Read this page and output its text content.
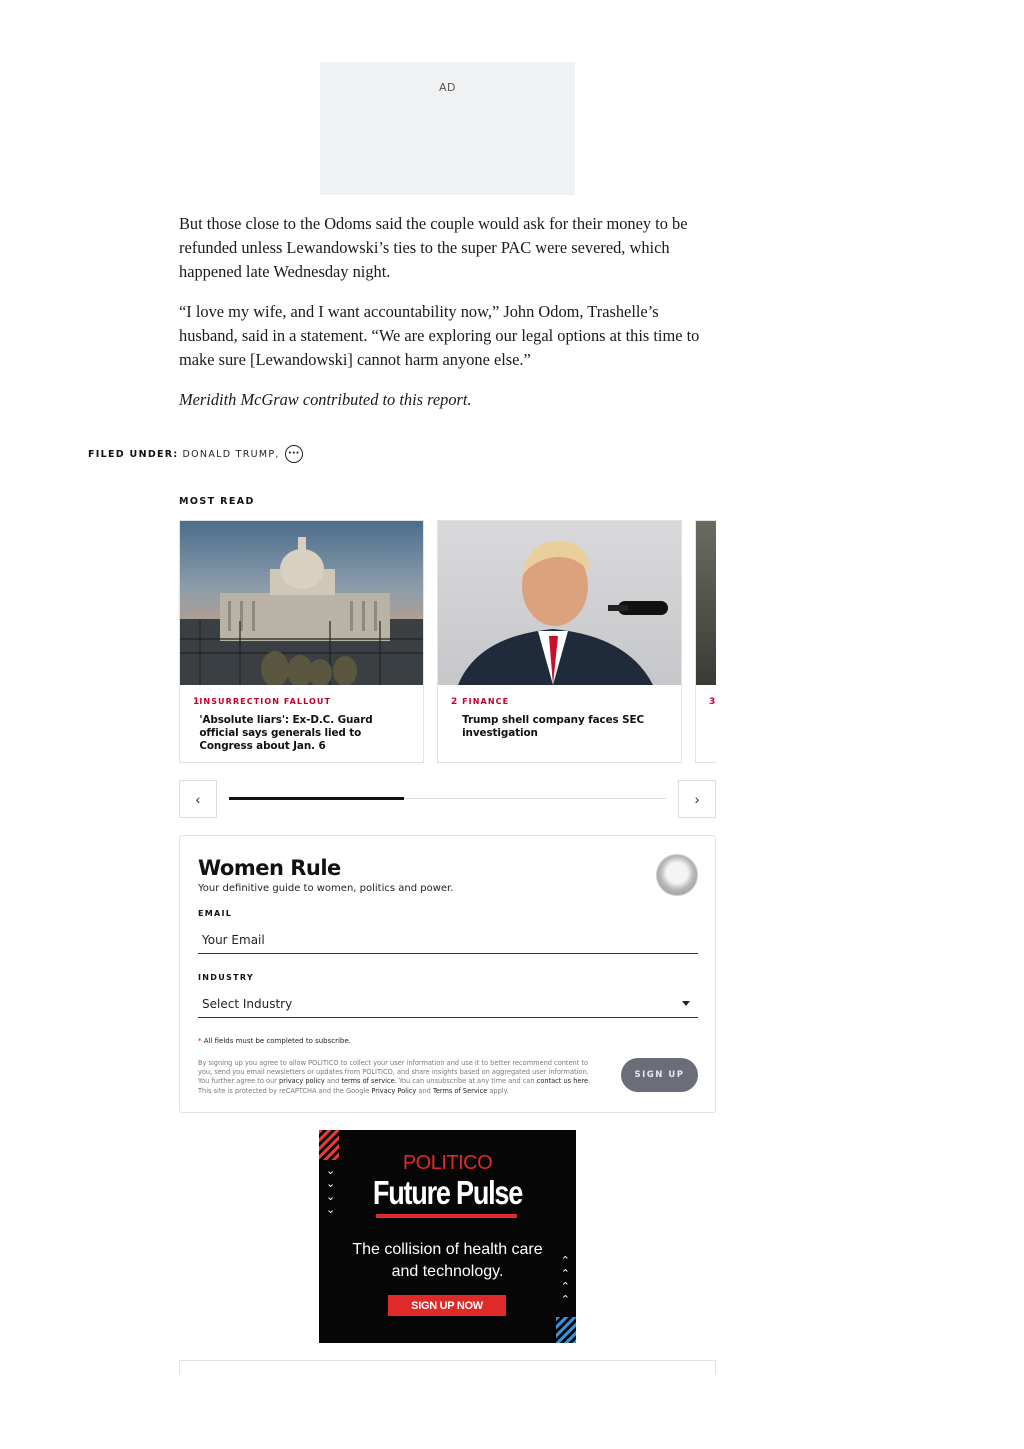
AD

But those close to the Odoms said the couple would ask for their money to be refunded unless Lewandowski’s ties to the super PAC were severed, which happened late Wednesday night.

“I love my wife, and I want accountability now,” John Odom, Trashelle’s husband, said in a statement. “We are exploring our legal options at this time to make sure [Lewandowski] cannot harm anyone else.”

Meridith McGraw contributed to this report.

FILED UNDER: DONALD TRUMP, ···
MOST READ
1 INSURRECTION FALLOUT
'Absolute liars': Ex-D.C. Guard official says generals lied to Congress about Jan. 6
2 FINANCE
Trump shell company faces SEC investigation
3
‹	›
Women Rule
Your definitive guide to women, politics and power.
EMAIL
Your Email
INDUSTRY
Select Industry
* All fields must be completed to subscribe.
By signing up you agree to allow POLITICO to collect your user information and use it to better recommend content to you, send you email newsletters or updates from POLITICO, and share insights based on aggregated user information. You further agree to our privacy policy and terms of service. You can unsubscribe at any time and can contact us here. This site is protected by reCAPTCHA and the Google Privacy Policy and Terms of Service apply.
SIGN UP
⌄
⌄
⌄
⌄
⌃
⌃
⌃
⌃
POLITICO
Future Pulse
The collision of health care and technology.
SIGN UP NOW
